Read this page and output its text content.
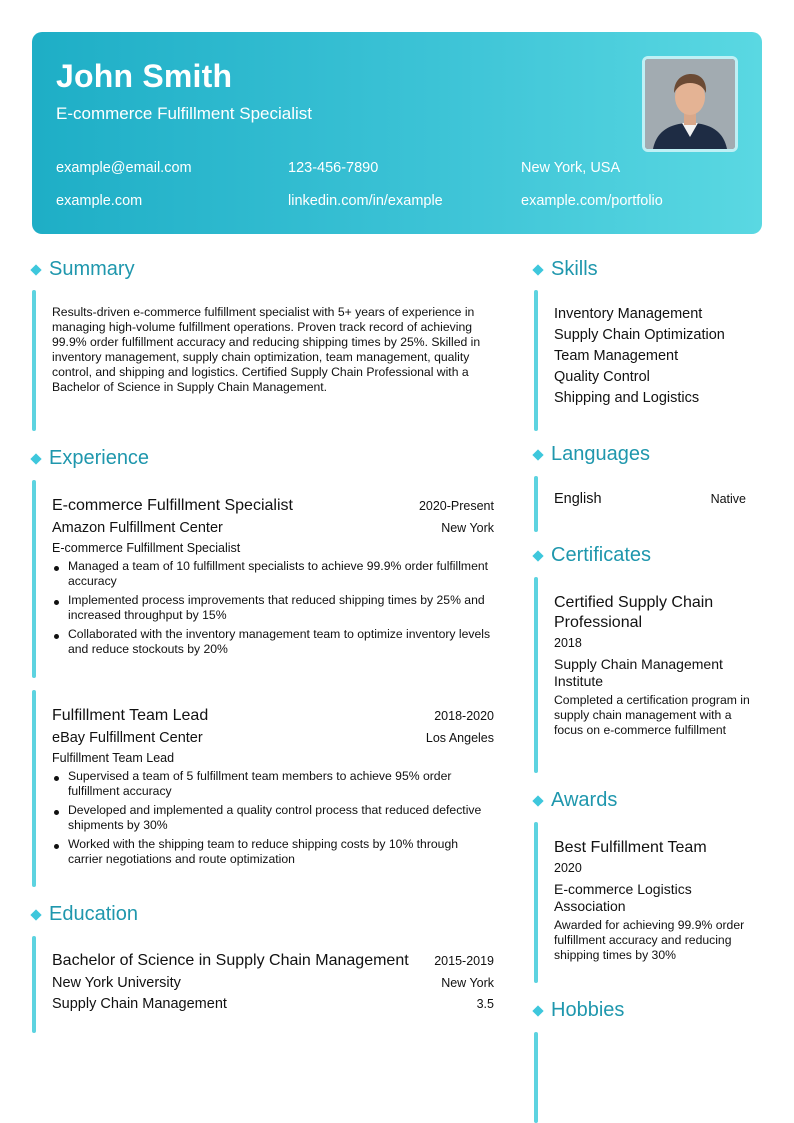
John Smith
E-commerce Fulfillment Specialist
example@email.com	123-456-7890	New York, USA
example.com	linkedin.com/in/example	example.com/portfolio
Summary
Results-driven e-commerce fulfillment specialist with 5+ years of experience in managing high-volume fulfillment operations. Proven track record of achieving 99.9% order fulfillment accuracy and reducing shipping times by 25%. Skilled in inventory management, supply chain optimization, team management, quality control, and shipping and logistics. Certified Supply Chain Professional with a Bachelor of Science in Supply Chain Management.
Experience
E-commerce Fulfillment Specialist	2020-Present
Amazon Fulfillment Center	New York
E-commerce Fulfillment Specialist
Managed a team of 10 fulfillment specialists to achieve 99.9% order fulfillment accuracy
Implemented process improvements that reduced shipping times by 25% and increased throughput by 15%
Collaborated with the inventory management team to optimize inventory levels and reduce stockouts by 20%
Fulfillment Team Lead	2018-2020
eBay Fulfillment Center	Los Angeles
Fulfillment Team Lead
Supervised a team of 5 fulfillment team members to achieve 95% order fulfillment accuracy
Developed and implemented a quality control process that reduced defective shipments by 30%
Worked with the shipping team to reduce shipping costs by 10% through carrier negotiations and route optimization
Education
Bachelor of Science in Supply Chain Management 2015-2019
New York University	New York
Supply Chain Management	3.5
Skills
Inventory Management
Supply Chain Optimization
Team Management
Quality Control
Shipping and Logistics
Languages
English	Native
Certificates
Certified Supply Chain Professional
2018
Supply Chain Management Institute
Completed a certification program in supply chain management with a focus on e-commerce fulfillment
Awards
Best Fulfillment Team
2020
E-commerce Logistics Association
Awarded for achieving 99.9% order fulfillment accuracy and reducing shipping times by 30%
Hobbies
